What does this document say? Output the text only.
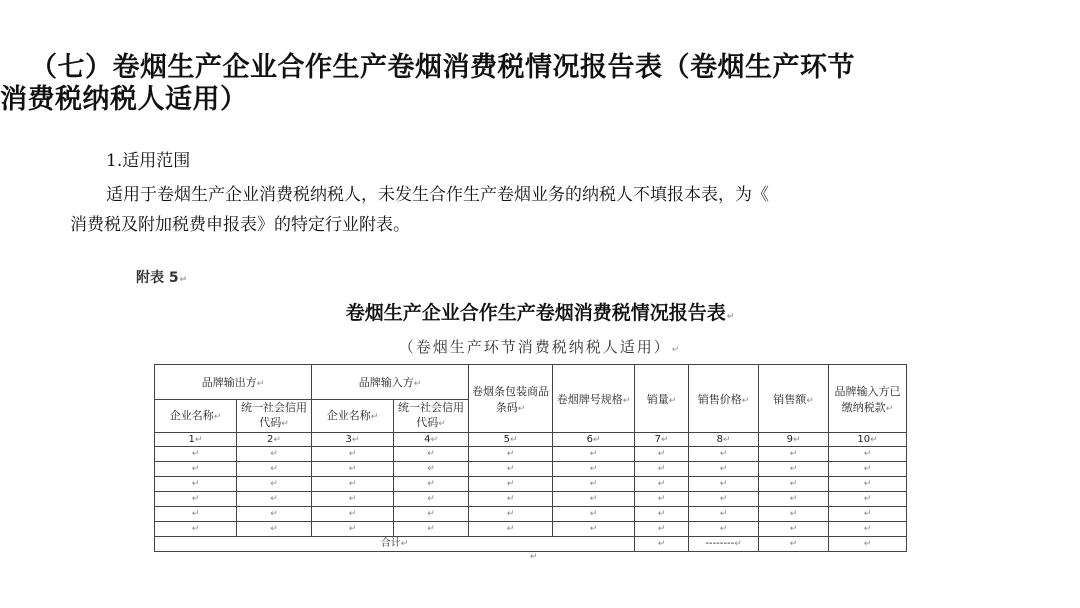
（七）卷烟生产企业合作生产卷烟消费税情况报告表（卷烟生产环节
消费税纳税人适用）
1.适用范围
适用于卷烟生产企业消费税纳税人，未发生合作生产卷烟业务的纳税人不填报本表，为《
消费税及附加税费申报表》的特定行业附表。
附表 5↵
卷烟生产企业合作生产卷烟消费税情况报告表↵
（卷烟生产环节消费税纳税人适用）↵
品牌输出方↵		品牌输入方↵		卷烟条包装商品条码↵	卷烟牌号规格↵	销量↵	销售价格↵	销售额↵	品牌输入方已缴纳税款↵
企业名称↵	统一社会信用代码↵	企业名称↵	统一社会信用代码↵						
1↵	2↵	3↵	4↵	5↵	6↵	7↵	8↵	9↵	10↵
↵	↵	↵	↵	↵	↵	↵	↵	↵	↵
↵	↵	↵	↵	↵	↵	↵	↵	↵	↵
↵	↵	↵	↵	↵	↵	↵	↵	↵	↵
↵	↵	↵	↵	↵	↵	↵	↵	↵	↵
↵	↵	↵	↵	↵	↵	↵	↵	↵	↵
↵	↵	↵	↵	↵	↵	↵	↵	↵	↵
合计↵						↵	--------↵	↵	↵
↵
